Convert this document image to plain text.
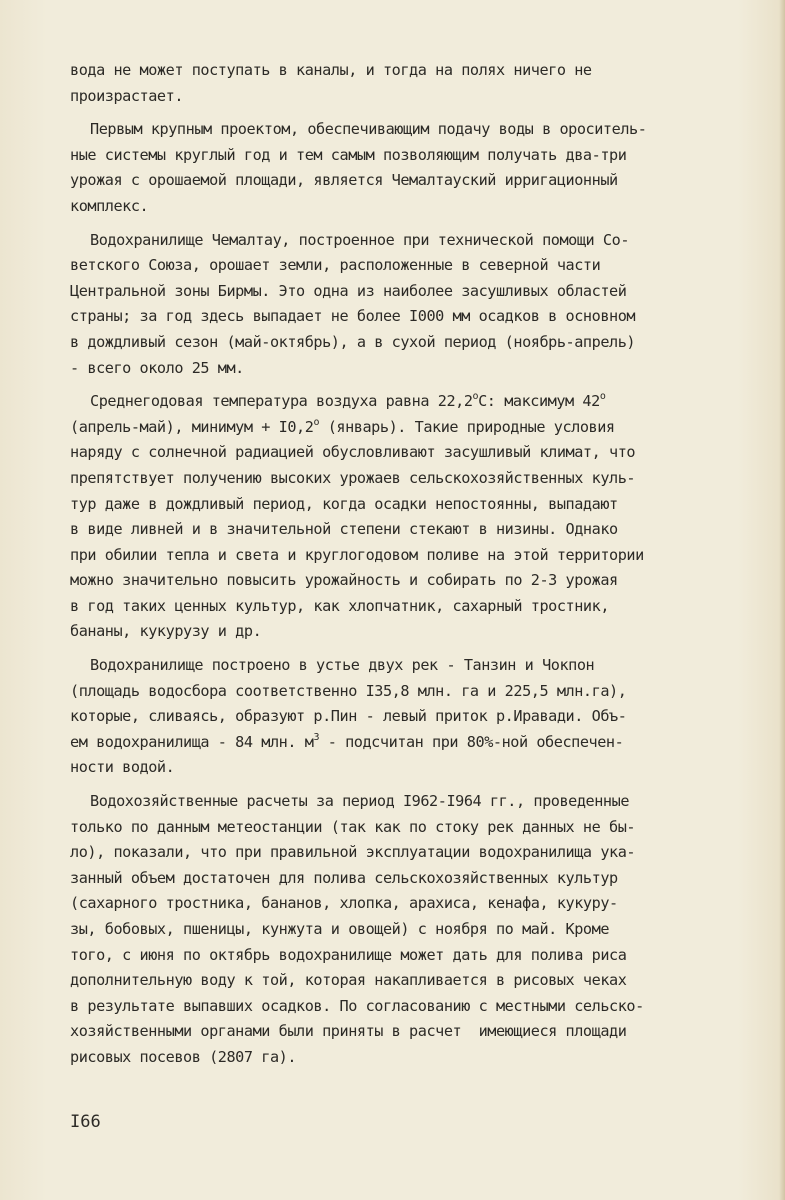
вода не может поступать в каналы, и тогда на полях ничего не
произрастает.
Первым крупным проектом, обеспечивающим подачу воды в ороситель-
ные системы круглый год и тем самым позволяющим получать два-три
урожая с орошаемой площади, является Чемалтауский ирригационный
комплекс.
Водохранилище Чемалтау, построенное при технической помощи Со-
ветского Союза, орошает земли, расположенные в северной части
Центральной зоны Бирмы. Это одна из наиболее засушливых областей
страны; за год здесь выпадает не более I000 мм осадков в основном
в дождливый сезон (май-октябрь), а в сухой период (ноябрь-апрель)
- всего около 25 мм.
Среднегодовая температура воздуха равна 22,2$^o$С: максимум 42$^o$
(апрель-май), минимум + $I0,2^o$ (январь). Такие природные условия
наряду с солнечной радиацией обусловливают засушливый климат, что
препятствует получению высоких урожаев сельскохозяйственных куль-
тур даже в дождливый период, когда осадки непостоянны, выпадают
в виде ливней и в значительной степени стекают в низины. Однако
при обилии тепла и света и круглогодовом поливе на этой территории
можно значительно повысить урожайность и собирать по 2-3 урожая
в год таких ценных культур, как хлопчатник, сахарный тростник,
бананы, кукурузу и др.
Водохранилище построено в устье двух рек - Танзин и Чокпон
(площадь водосбора соответственно I35,8 млн. га и 225,5 млн.га),
которые, сливаясь, образуют р.Пин - левый приток р.Иравади. Объ-
ем водохранилища - 84 млн. $м^3$ - подсчитан при 80%-ной обеспечен-
ности водой.
Водохозяйственные расчеты за период I962-I964 гг., проведенные
только по данным метеостанции (так как по стоку рек данных не бы-
ло), показали, что при правильной эксплуатации водохранилища ука-
занный объем достаточен для полива сельскохозяйственных культур
(сахарного тростника, бананов, хлопка, арахиса, кенафа, кукуру-
зы, бобовых, пшеницы, кунжута и овощей) с ноября по май. Кроме
того, с июня по октябрь водохранилище может дать для полива риса
дополнительную воду к той, которая накапливается в рисовых чеках
в результате выпавших осадков. По согласованию с местными сельско-
хозяйственными органами были приняты в расчет  имеющиеся площади
рисовых посевов (2807 га).
I66
